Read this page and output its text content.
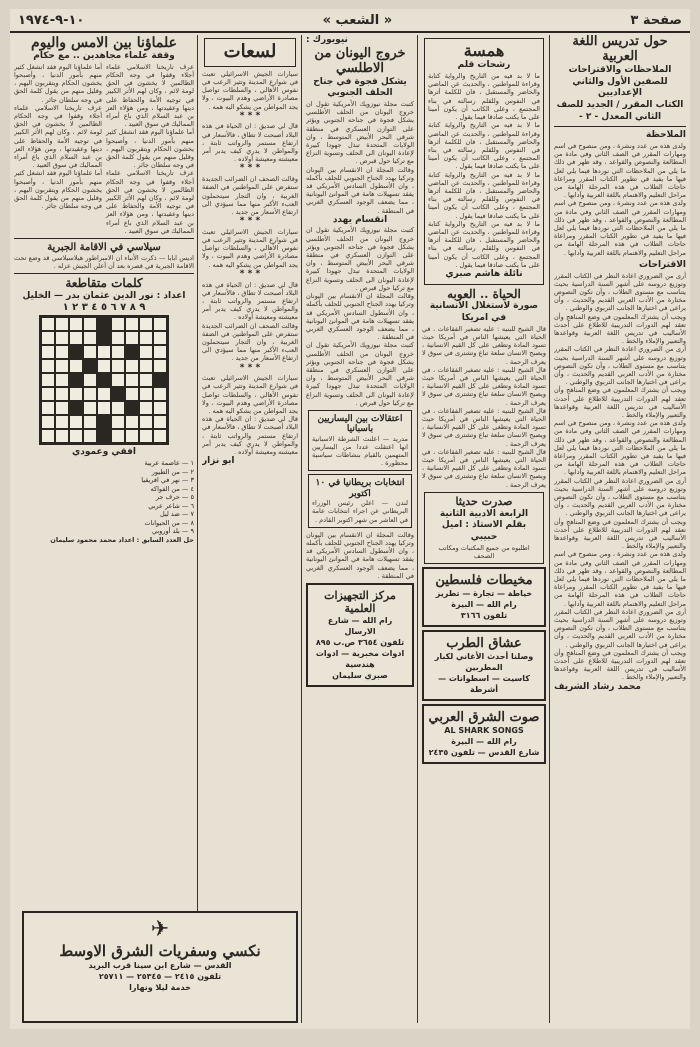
صفحة ٣
« الشعب »
١٠-٩-١٩٧٤
حول تدريس اللغة العربية
الملاحظات والاقتراحات للصفين الأول والثاني الإعداديين
الكتاب المقرر / الجديد للصف الثاني المعدل - ٢ -
الملاحظة
ولدى هذه من عدد ونشرة ، ومن منصوح في اسم ومهارات المقرر في الصف الثاني وفي مادة من المطالعة والنصوص والقواعد ، وقد ظهر في ذلك ما يلي من الملاحظات التي نوردها فيما يلي لعل فيها ما يفيد في تطوير الكتاب المقرر ومراعاة حاجات الطلاب في هذه المرحلة الهامة من مراحل التعليم والاهتمام باللغة العربية وآدابها .
ولدى هذه من عدد ونشرة ، ومن منصوح في اسم ومهارات المقرر في الصف الثاني وفي مادة من المطالعة والنصوص والقواعد ، وقد ظهر في ذلك ما يلي من الملاحظات التي نوردها فيما يلي لعل فيها ما يفيد في تطوير الكتاب المقرر ومراعاة حاجات الطلاب في هذه المرحلة الهامة من مراحل التعليم والاهتمام باللغة العربية وآدابها .
الاقتراحات
أرى من الضروري اعادة النظر في الكتاب المقرر وتوزيع دروسه على أشهر السنة الدراسية بحيث يتناسب مع مستوى الطلاب ، وأن تكون النصوص مختارة من الأدب العربي القديم والحديث ، وأن يراعى في اختيارها الجانب التربوي والوطني .
ويجب أن يشترك المعلمون في وضع المناهج وأن تعقد لهم الدورات التدريبية للاطلاع على أحدث الأساليب في تدريس اللغة العربية وقواعدها والتعبير والإملاء والخط .
أرى من الضروري اعادة النظر في الكتاب المقرر وتوزيع دروسه على أشهر السنة الدراسية بحيث يتناسب مع مستوى الطلاب ، وأن تكون النصوص مختارة من الأدب العربي القديم والحديث ، وأن يراعى في اختيارها الجانب التربوي والوطني .
ويجب أن يشترك المعلمون في وضع المناهج وأن تعقد لهم الدورات التدريبية للاطلاع على أحدث الأساليب في تدريس اللغة العربية وقواعدها والتعبير والإملاء والخط .
ولدى هذه من عدد ونشرة ، ومن منصوح في اسم ومهارات المقرر في الصف الثاني وفي مادة من المطالعة والنصوص والقواعد ، وقد ظهر في ذلك ما يلي من الملاحظات التي نوردها فيما يلي لعل فيها ما يفيد في تطوير الكتاب المقرر ومراعاة حاجات الطلاب في هذه المرحلة الهامة من مراحل التعليم والاهتمام باللغة العربية وآدابها .
أرى من الضروري اعادة النظر في الكتاب المقرر وتوزيع دروسه على أشهر السنة الدراسية بحيث يتناسب مع مستوى الطلاب ، وأن تكون النصوص مختارة من الأدب العربي القديم والحديث ، وأن يراعى في اختيارها الجانب التربوي والوطني .
ويجب أن يشترك المعلمون في وضع المناهج وأن تعقد لهم الدورات التدريبية للاطلاع على أحدث الأساليب في تدريس اللغة العربية وقواعدها والتعبير والإملاء والخط .
ولدى هذه من عدد ونشرة ، ومن منصوح في اسم ومهارات المقرر في الصف الثاني وفي مادة من المطالعة والنصوص والقواعد ، وقد ظهر في ذلك ما يلي من الملاحظات التي نوردها فيما يلي لعل فيها ما يفيد في تطوير الكتاب المقرر ومراعاة حاجات الطلاب في هذه المرحلة الهامة من مراحل التعليم والاهتمام باللغة العربية وآدابها .
أرى من الضروري اعادة النظر في الكتاب المقرر وتوزيع دروسه على أشهر السنة الدراسية بحيث يتناسب مع مستوى الطلاب ، وأن تكون النصوص مختارة من الأدب العربي القديم والحديث ، وأن يراعى في اختيارها الجانب التربوي والوطني .
ويجب أن يشترك المعلمون في وضع المناهج وأن تعقد لهم الدورات التدريبية للاطلاع على أحدث الأساليب في تدريس اللغة العربية وقواعدها والتعبير والإملاء والخط .
محمد رشاد الشريف
همسة
رشحات قلم
ما لا بد فيه من التاريخ والرواية كتابة وقراءة للمواطنين ، والحديث عن الماضي والحاضر والمستقبل ، فان للكلمة أثرها في النفوس وللقلم رسالته في بناء المجتمع ، وعلى الكاتب أن يكون أمينا على ما يكتب صادقا فيما يقول .
ما لا بد فيه من التاريخ والرواية كتابة وقراءة للمواطنين ، والحديث عن الماضي والحاضر والمستقبل ، فان للكلمة أثرها في النفوس وللقلم رسالته في بناء المجتمع ، وعلى الكاتب أن يكون أمينا على ما يكتب صادقا فيما يقول .
ما لا بد فيه من التاريخ والرواية كتابة وقراءة للمواطنين ، والحديث عن الماضي والحاضر والمستقبل ، فان للكلمة أثرها في النفوس وللقلم رسالته في بناء المجتمع ، وعلى الكاتب أن يكون أمينا على ما يكتب صادقا فيما يقول .
ما لا بد فيه من التاريخ والرواية كتابة وقراءة للمواطنين ، والحديث عن الماضي والحاضر والمستقبل ، فان للكلمة أثرها في النفوس وللقلم رسالته في بناء المجتمع ، وعلى الكاتب أن يكون أمينا على ما يكتب صادقا فيما يقول .
نائلة هاشم صبري
الحياة .. العوبه
صورة لاستغلال الانسانية في امريكا
قال الشيخ للبنيه : عليه تصغير الفقاعات ، في الحياة التي يعيشها الناس في أمريكا حيث تسود المادة وتطغى على كل القيم الانسانية ، ويصبح الانسان سلعة تباع وتشترى في سوق لا يعرف الرحمة .
قال الشيخ للبنيه : عليه تصغير الفقاعات ، في الحياة التي يعيشها الناس في أمريكا حيث تسود المادة وتطغى على كل القيم الانسانية ، ويصبح الانسان سلعة تباع وتشترى في سوق لا يعرف الرحمة .
قال الشيخ للبنيه : عليه تصغير الفقاعات ، في الحياة التي يعيشها الناس في أمريكا حيث تسود المادة وتطغى على كل القيم الانسانية ، ويصبح الانسان سلعة تباع وتشترى في سوق لا يعرف الرحمة .
قال الشيخ للبنيه : عليه تصغير الفقاعات ، في الحياة التي يعيشها الناس في أمريكا حيث تسود المادة وتطغى على كل القيم الانسانية ، ويصبح الانسان سلعة تباع وتشترى في سوق لا يعرف الرحمة .
صدرت حديثا
الرابعة الادبية الثانية
بقلم الاستاذ : اميل حبيبي
اطلبوه من جميع المكتبات ومكاتب الصحف
مخيطات فلسطين
خياطة — تجارة — تطريز
رام الله — البيرة
تلفون ٣١٦٦
عشاق الطرب
وصلنا أحدث الأغاني لكبار المطربين
كاسيت — اسطوانات — أشرطة
صوت الشرق العربي
AL SHARK SONGS
رام الله — البيرة
شارع القدس — تلفون ٢٤٣٥
نيويورك :
خروج اليونان من الاطلسي
يشكل فجوة في جناح الحلف الجنوبي
كتبت مجلة نيوزويك الأمريكية تقول ان خروج اليونان من الحلف الأطلسي يشكل فجوة في جناحه الجنوبي ويؤثر على التوازن العسكري في منطقة شرقي البحر الأبيض المتوسط ، وان الولايات المتحدة تبذل جهودا كبيرة لإعادة اليونان الى الحلف وتسوية النزاع مع تركيا حول قبرص .
وقالت المجلة ان الانقسام بين اليونان وتركيا يهدد الجناح الجنوبي للحلف بأكمله ، وان الأسطول السادس الأمريكي قد يفقد تسهيلات هامة في الموانئ اليونانية ، مما يضعف الوجود العسكري الغربي في المنطقة .
انقسام يهدد
كتبت مجلة نيوزويك الأمريكية تقول ان خروج اليونان من الحلف الأطلسي يشكل فجوة في جناحه الجنوبي ويؤثر على التوازن العسكري في منطقة شرقي البحر الأبيض المتوسط ، وان الولايات المتحدة تبذل جهودا كبيرة لإعادة اليونان الى الحلف وتسوية النزاع مع تركيا حول قبرص .
وقالت المجلة ان الانقسام بين اليونان وتركيا يهدد الجناح الجنوبي للحلف بأكمله ، وان الأسطول السادس الأمريكي قد يفقد تسهيلات هامة في الموانئ اليونانية ، مما يضعف الوجود العسكري الغربي في المنطقة .
كتبت مجلة نيوزويك الأمريكية تقول ان خروج اليونان من الحلف الأطلسي يشكل فجوة في جناحه الجنوبي ويؤثر على التوازن العسكري في منطقة شرقي البحر الأبيض المتوسط ، وان الولايات المتحدة تبذل جهودا كبيرة لإعادة اليونان الى الحلف وتسوية النزاع مع تركيا حول قبرص .
اعتقالات بين اليساريين باسبانيا
مدريد — اعلنت الشرطة الاسبانية انها اعتقلت عددا من اليساريين المتهمين بالقيام بنشاطات سياسية محظورة .
انتخابات بريطانيا في ١٠ اكتوبر
لندن — اعلن رئيس الوزراء البريطاني عن اجراء انتخابات عامة في العاشر من شهر اكتوبر القادم .
وقالت المجلة ان الانقسام بين اليونان وتركيا يهدد الجناح الجنوبي للحلف بأكمله ، وان الأسطول السادس الأمريكي قد يفقد تسهيلات هامة في الموانئ اليونانية ، مما يضعف الوجود العسكري الغربي في المنطقة .
مركز التجهيزات العلمية
رام الله — شارع الارسال
تلفون ٣٦٥٤ ص.ب ٨٩٥
ادوات مخبرية — ادوات هندسية
صبري سليمان
لسعات
سيارات الجيش الاسرائيلي تعبث في شوارع المدينة وتثير الرعب في نفوس الأهالي ، والسلطات تواصل مصادرة الأراضي وهدم البيوت ، ولا يجد المواطن من يشكو اليه همه .
* * *
قال لي صديق : ان الحياة في هذه البلاد أصبحت لا تطاق ، فالأسعار في ارتفاع مستمر والرواتب ثابتة ، والمواطن لا يدري كيف يدبر أمر معيشته ومعيشة أولاده .
* * *
وقالت الصحف ان الضرائب الجديدة ستفرض على المواطنين في الضفة الغربية ، وان التجار سيتحملون العبء الأكبر منها مما سيؤدي الى ارتفاع الأسعار من جديد .
* * *
سيارات الجيش الاسرائيلي تعبث في شوارع المدينة وتثير الرعب في نفوس الأهالي ، والسلطات تواصل مصادرة الأراضي وهدم البيوت ، ولا يجد المواطن من يشكو اليه همه .
* * *
قال لي صديق : ان الحياة في هذه البلاد أصبحت لا تطاق ، فالأسعار في ارتفاع مستمر والرواتب ثابتة ، والمواطن لا يدري كيف يدبر أمر معيشته ومعيشة أولاده .
وقالت الصحف ان الضرائب الجديدة ستفرض على المواطنين في الضفة الغربية ، وان التجار سيتحملون العبء الأكبر منها مما سيؤدي الى ارتفاع الأسعار من جديد .
* * *
سيارات الجيش الاسرائيلي تعبث في شوارع المدينة وتثير الرعب في نفوس الأهالي ، والسلطات تواصل مصادرة الأراضي وهدم البيوت ، ولا يجد المواطن من يشكو اليه همه .
قال لي صديق : ان الحياة في هذه البلاد أصبحت لا تطاق ، فالأسعار في ارتفاع مستمر والرواتب ثابتة ، والمواطن لا يدري كيف يدبر أمر معيشته ومعيشة أولاده .
ابو نزار
علماؤنا بين الامس واليوم
وقفة علماء مجاهدين .. مع حكام
عرف تاريخنا الاسلامي علماء أجلاء وقفوا في وجه الحكام الظالمين لا يخشون في الحق لومة لائم ، وكان لهم الأثر الكبير في توجيه الأمة والحفاظ على دينها وعقيدتها ، ومن هؤلاء العز بن عبد السلام الذي باع أمراء المماليك في سوق العبيد .
أما علماؤنا اليوم فقد انشغل كثير منهم بأمور الدنيا ، وأصبحوا يخشون الحكام ويتقربون اليهم ، وقليل منهم من يقول كلمة الحق في وجه سلطان جائر .
عرف تاريخنا الاسلامي علماء أجلاء وقفوا في وجه الحكام الظالمين لا يخشون في الحق لومة لائم ، وكان لهم الأثر الكبير في توجيه الأمة والحفاظ على دينها وعقيدتها ، ومن هؤلاء العز بن عبد السلام الذي باع أمراء المماليك في سوق العبيد .
أما علماؤنا اليوم فقد انشغل كثير منهم بأمور الدنيا ، وأصبحوا يخشون الحكام ويتقربون اليهم ، وقليل منهم من يقول كلمة الحق في وجه سلطان جائر .
عرف تاريخنا الاسلامي علماء أجلاء وقفوا في وجه الحكام الظالمين لا يخشون في الحق لومة لائم ، وكان لهم الأثر الكبير في توجيه الأمة والحفاظ على دينها وعقيدتها ، ومن هؤلاء العز بن عبد السلام الذي باع أمراء المماليك في سوق العبيد .
أما علماؤنا اليوم فقد انشغل كثير منهم بأمور الدنيا ، وأصبحوا يخشون الحكام ويتقربون اليهم ، وقليل منهم من يقول كلمة الحق في وجه سلطان جائر .
سيلاسي في الاقامة الجبرية
اديس ابابا — ذكرت الأنباء ان الامبراطور هيلاسيلاسي قد وضع تحت الاقامة الجبرية في قصره بعد أن أعلن الجيش عزله .
كلمات متقاطعة
اعداد : نور الدين عثمان بدر — الخليل
٩ ٨ ٧ ٦ ٥ ٤ ٣ ٢ ١
افقي وعمودي
١ — عاصمة عربية
٢ — من الطيور
٣ — نهر في افريقيا
٤ — من الفواكه
٥ — حرف جر
٦ — شاعر عربي
٧ — ضد ليل
٨ — من الحيوانات
٩ — بلد أوروبي
حل العدد السابق : اعداد محمد محمود سليمان
✈
نكسي وسفريات الشرق الاوسط
القدس — شارع ابن سينا قرب البريد
تلفون ٢٤١٥ — ٢٥٣٤٥ — ٢٥٧١١
خدمة ليلا ونهارا
